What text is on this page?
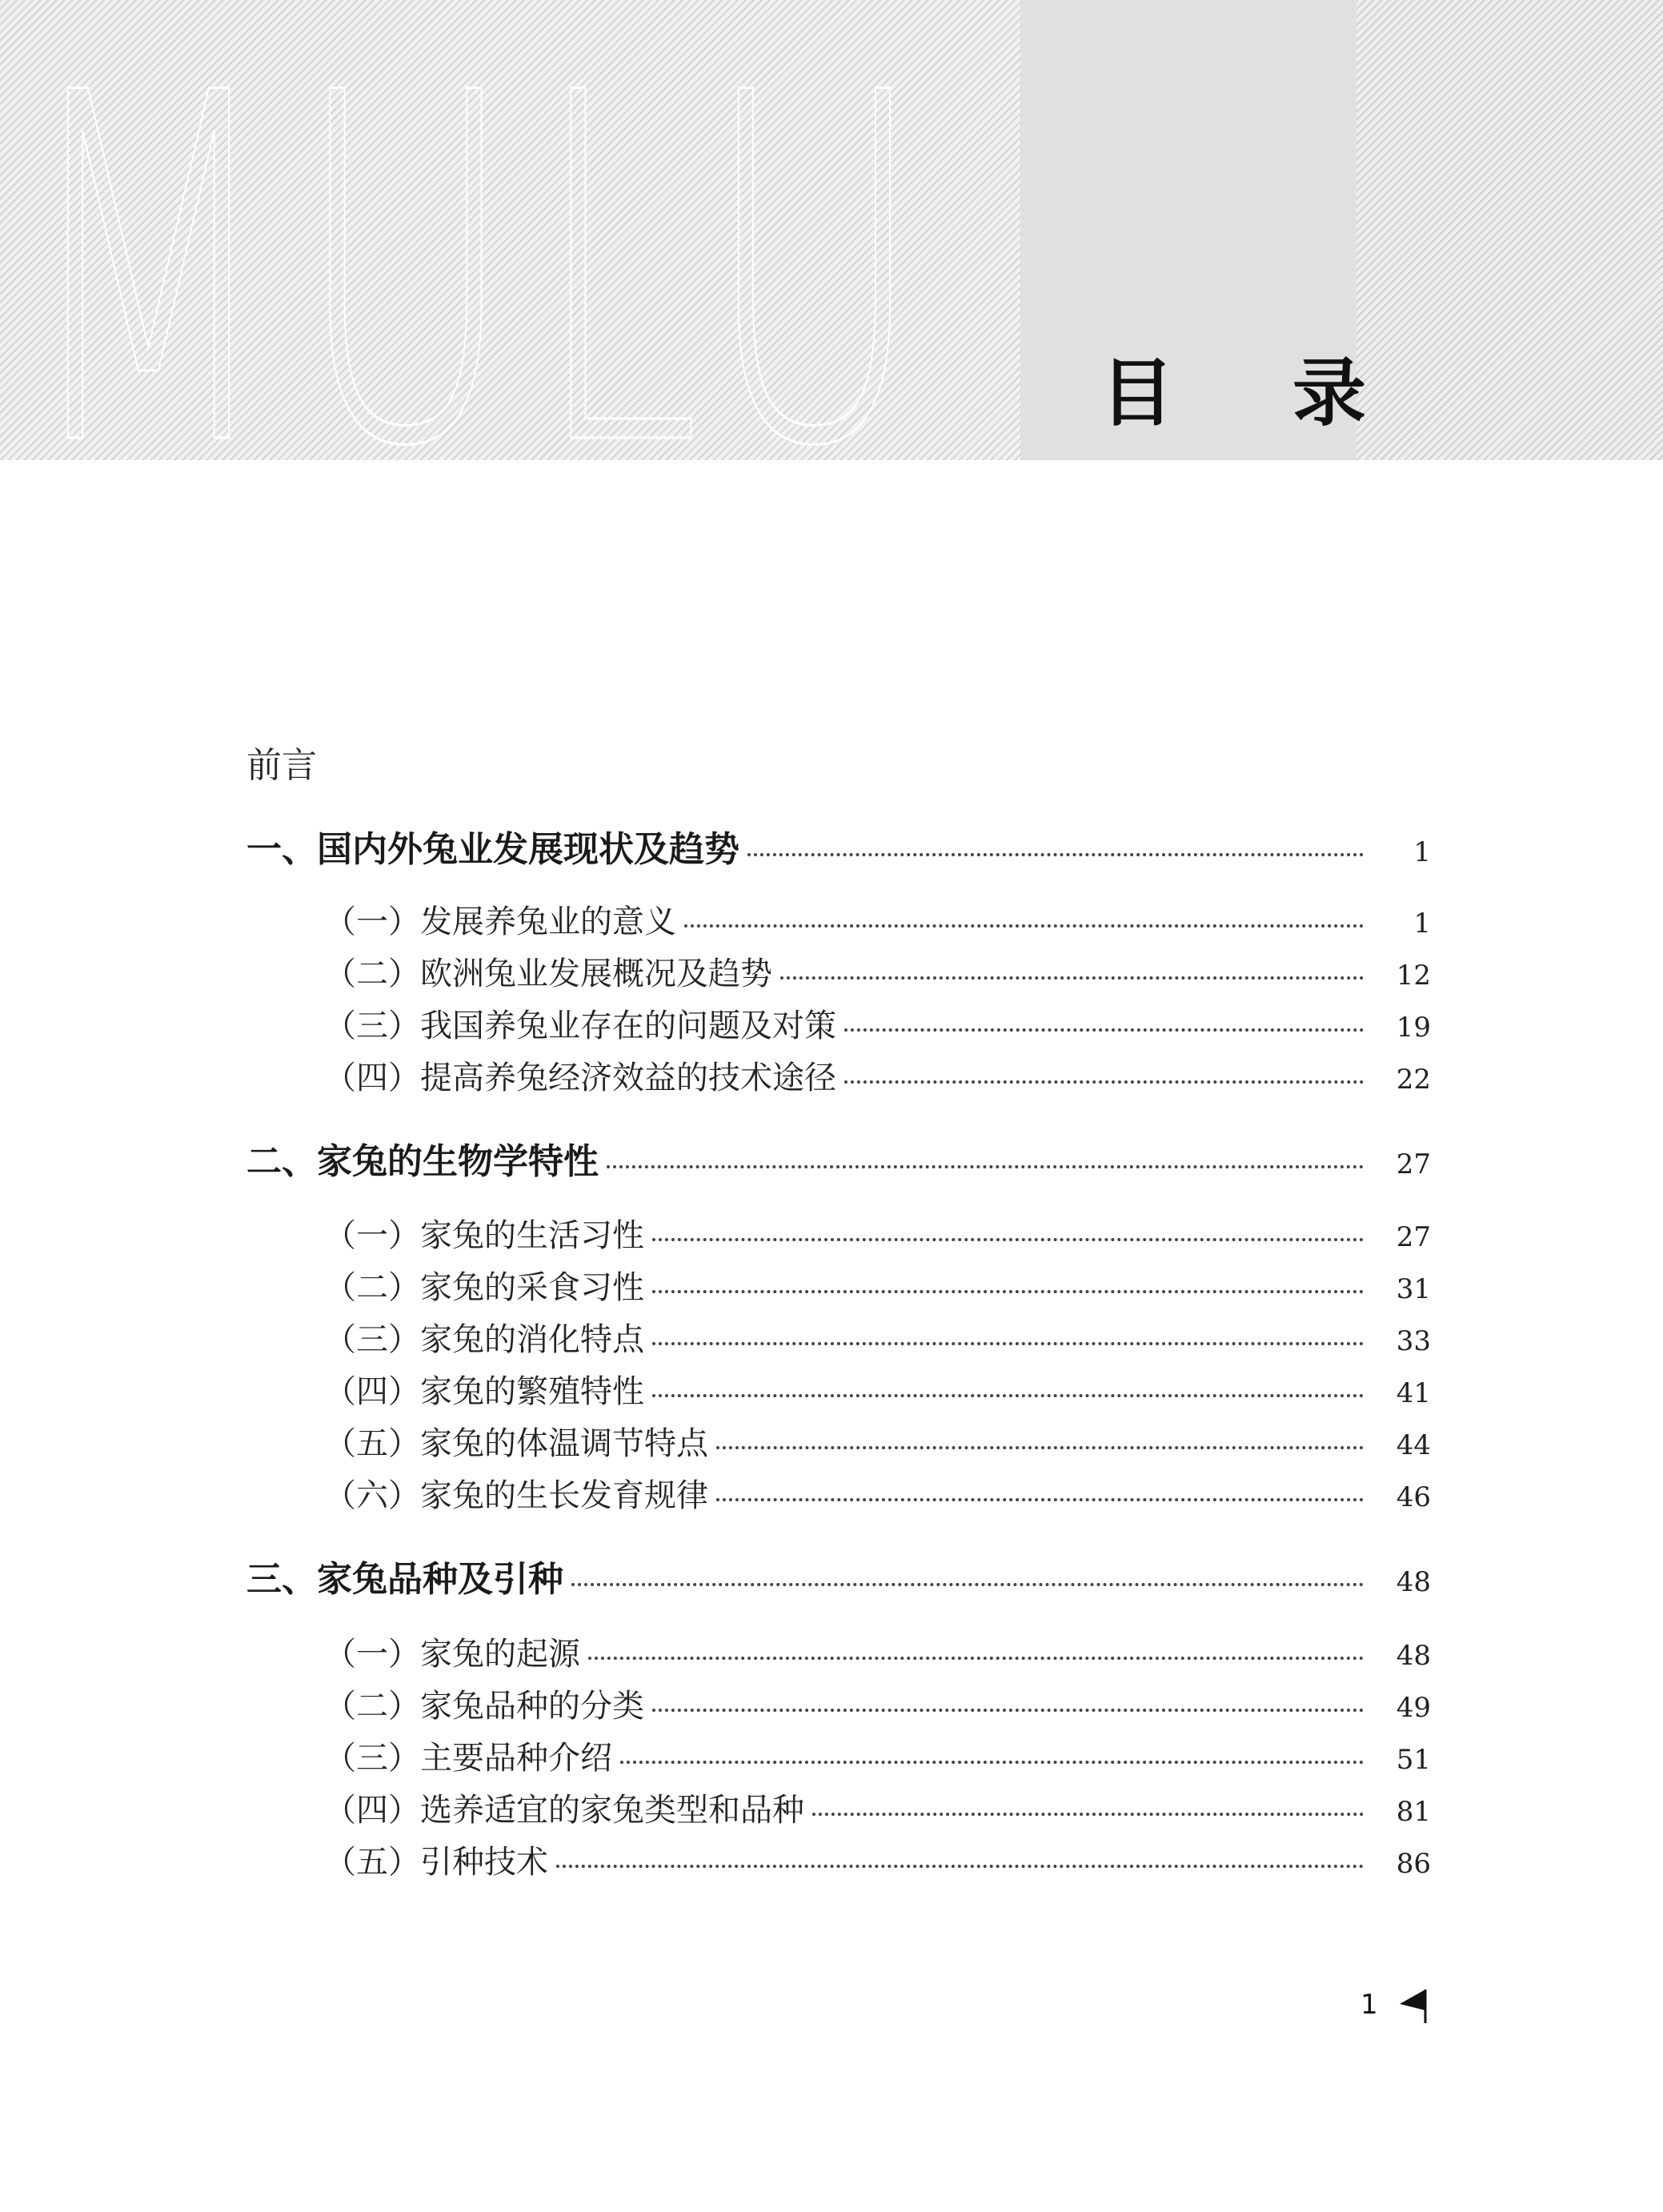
MULU 目 录
前言
一、国内外兔业发展现状及趋势	1
（一）发展养兔业的意义	1
（二）欧洲兔业发展概况及趋势	12
（三）我国养兔业存在的问题及对策	19
（四）提高养兔经济效益的技术途径	22
二、家兔的生物学特性	27
（一）家兔的生活习性	27
（二）家兔的采食习性	31
（三）家兔的消化特点	33
（四）家兔的繁殖特性	41
（五）家兔的体温调节特点	44
（六）家兔的生长发育规律	46
三、家兔品种及引种	48
（一）家兔的起源	48
（二）家兔品种的分类	49
（三）主要品种介绍	51
（四）选养适宜的家兔类型和品种	81
（五）引种技术	86
1
